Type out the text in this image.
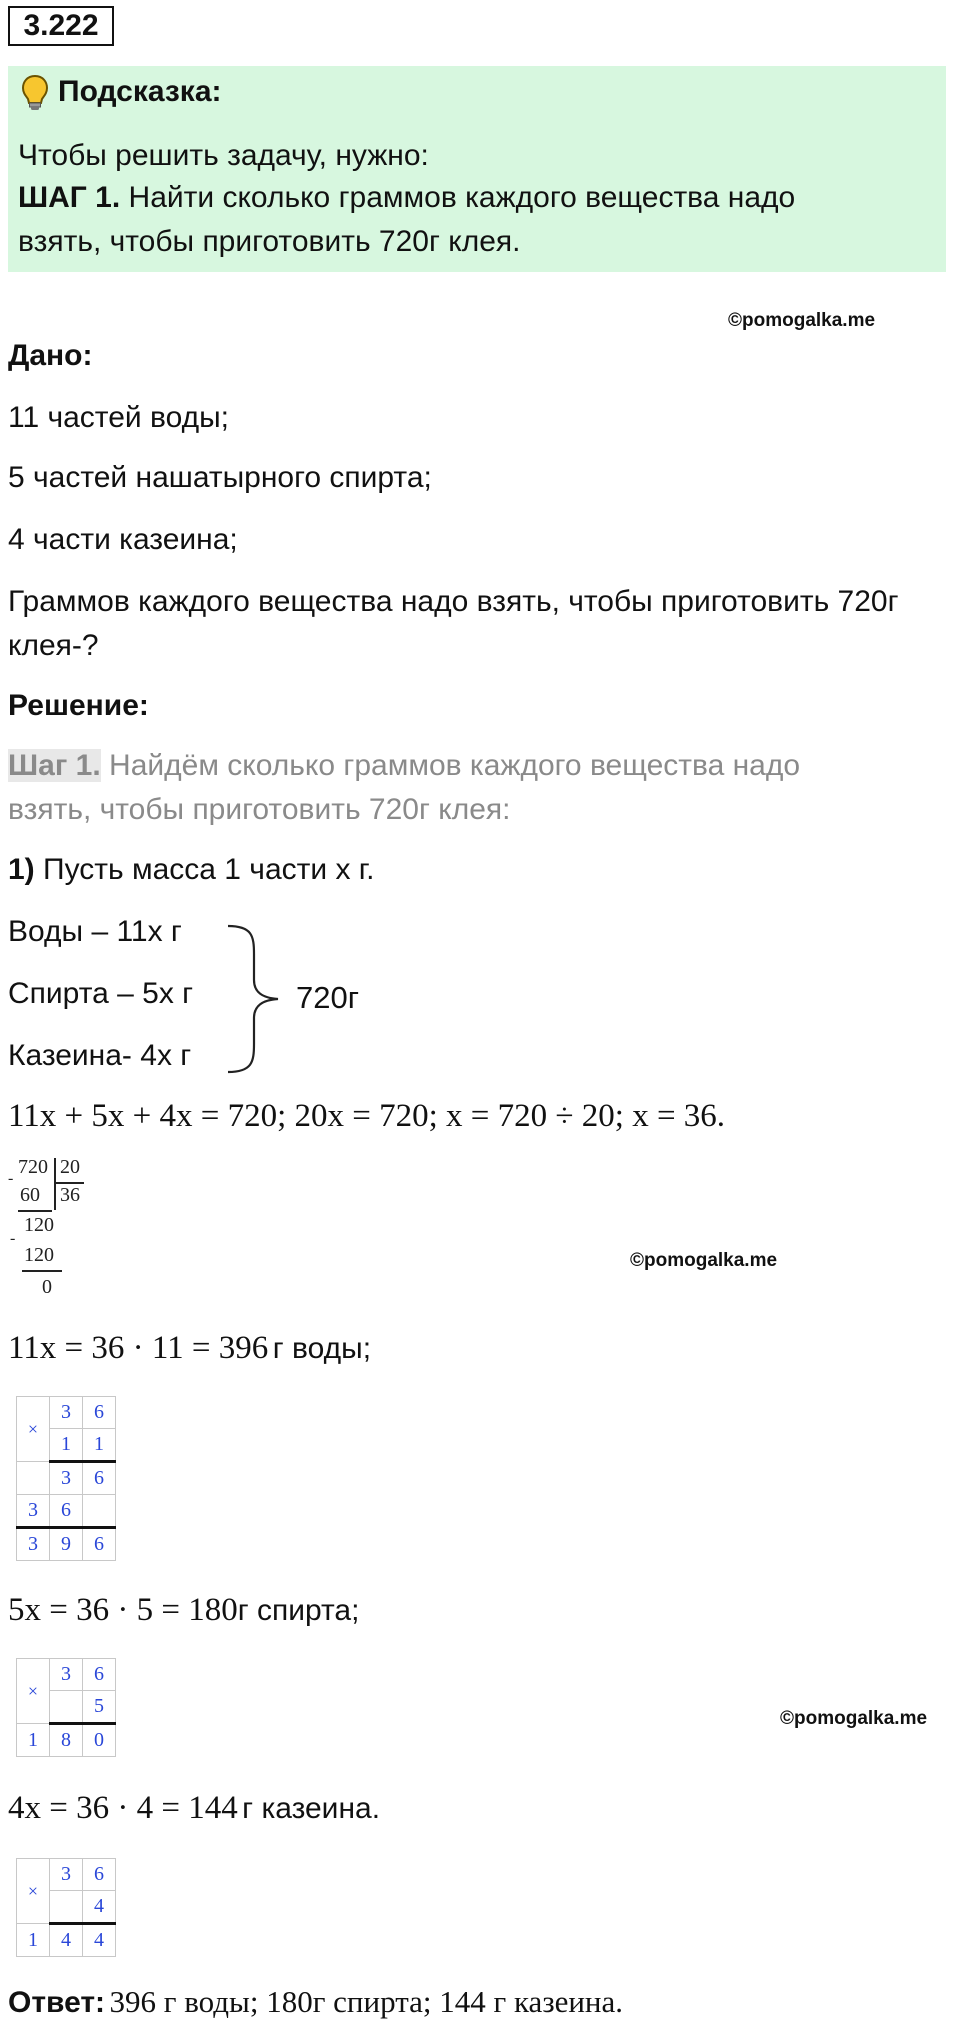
3.222
Подсказка:
Чтобы решить задачу, нужно:
ШАГ 1. Найти сколько граммов каждого вещества надо
взять, чтобы приготовить 720г клея.
©pomogalka.me
Дано:
11 частей воды;
5 частей нашатырного спирта;
4 части казеина;
Граммов каждого вещества надо взять, чтобы приготовить 720г
клея-?
Решение:
Шаг 1. Найдём сколько граммов каждого вещества надо
взять, чтобы приготовить 720г клея:
1) Пусть масса 1 части х г.
Воды – 11х г
Спирта – 5х г
Казеина- 4х г
720г
11x + 5x + 4x = 720; 20x = 720; x = 720 ÷ 20; x = 36.
720 20
36
-
60
120
-
120
0
©pomogalka.me
11x = 36 · 11 = 396 г воды;
×	3	6
	1	1
	3	6
3	6	
3	9	6
5x = 36 · 5 = 180г спирта;
×	3	6
		5
1	8	0
©pomogalka.me
4x = 36 · 4 = 144 г казеина.
×	3	6
		4
1	4	4
Ответ: 396 г воды; 180г спирта; 144 г казеина.
